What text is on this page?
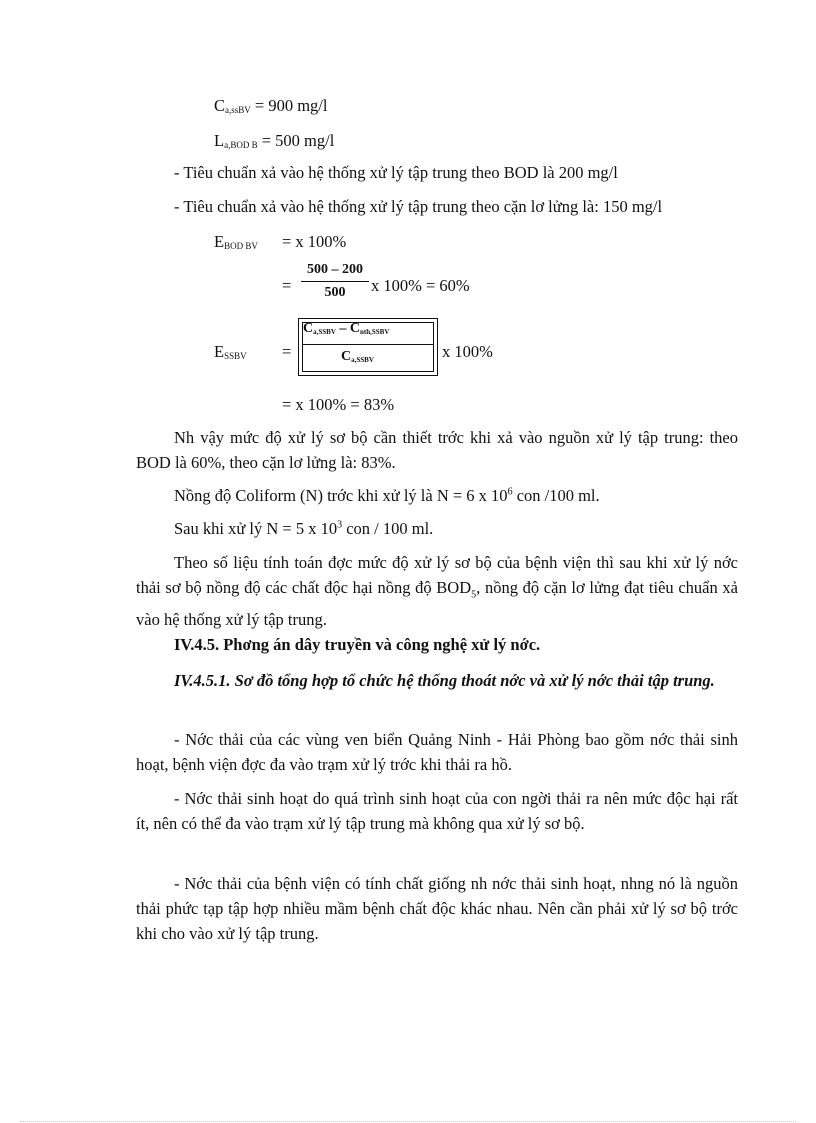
Ca,ssBV = 900 mg/l
La,BOD B = 500 mg/l
- Tiêu chuẩn xả vào hệ thống xử lý tập trung theo BOD là 200 mg/l
- Tiêu chuẩn xả vào hệ thống xử lý tập trung theo cặn lơ lửng là: 150 mg/l
EBOD BV = x 100%
=
500 – 200
500	x 100% = 60%
ESSBV =
Ca,SSBV – Cnth,SSBV
Ca,SSBV	x 100%
= x 100% = 83%
Nh vậy mức độ xử lý sơ bộ cần thiết trớc khi xả vào nguồn xử lý tập trung: theo BOD là 60%, theo cặn lơ lửng là: 83%.
Nồng độ Coliform (N) trớc khi xử lý là N = 6 x $10^6$ con /100 ml.
Sau khi xử lý N = 5 x $10^3$ con / 100 ml.
Theo số liệu tính toán đợc mức độ xử lý sơ bộ của bệnh viện thì sau khi xử lý nớc thải sơ bộ nồng độ các chất độc hại nồng độ $BOD_5$, nồng độ cặn lơ lửng đạt tiêu chuẩn xả vào hệ thống xử lý tập trung.
IV.4.5. Phơng án dây truyền và công nghệ xử lý nớc.
IV.4.5.1. Sơ đồ tổng hợp tổ chức hệ thống thoát nớc và xử lý nớc thải tập trung.
- Nớc thải của các vùng ven biển Quảng Ninh - Hải Phòng bao gồm nớc thải sinh hoạt, bệnh viện đợc đa vào trạm xử lý trớc khi thải ra hồ.
- Nớc thải sinh hoạt do quá trình sinh hoạt của con ngời thải ra nên mức độc hại rất ít, nên có thể đa vào trạm xử lý tập trung mà không qua xử lý sơ bộ.
- Nớc thải của bệnh viện có tính chất giống nh nớc thải sinh hoạt, nhng nó là nguồn thải phức tạp tập hợp nhiều mầm bệnh chất độc khác nhau. Nên cần phải xử lý sơ bộ trớc khi cho vào xử lý tập trung.
